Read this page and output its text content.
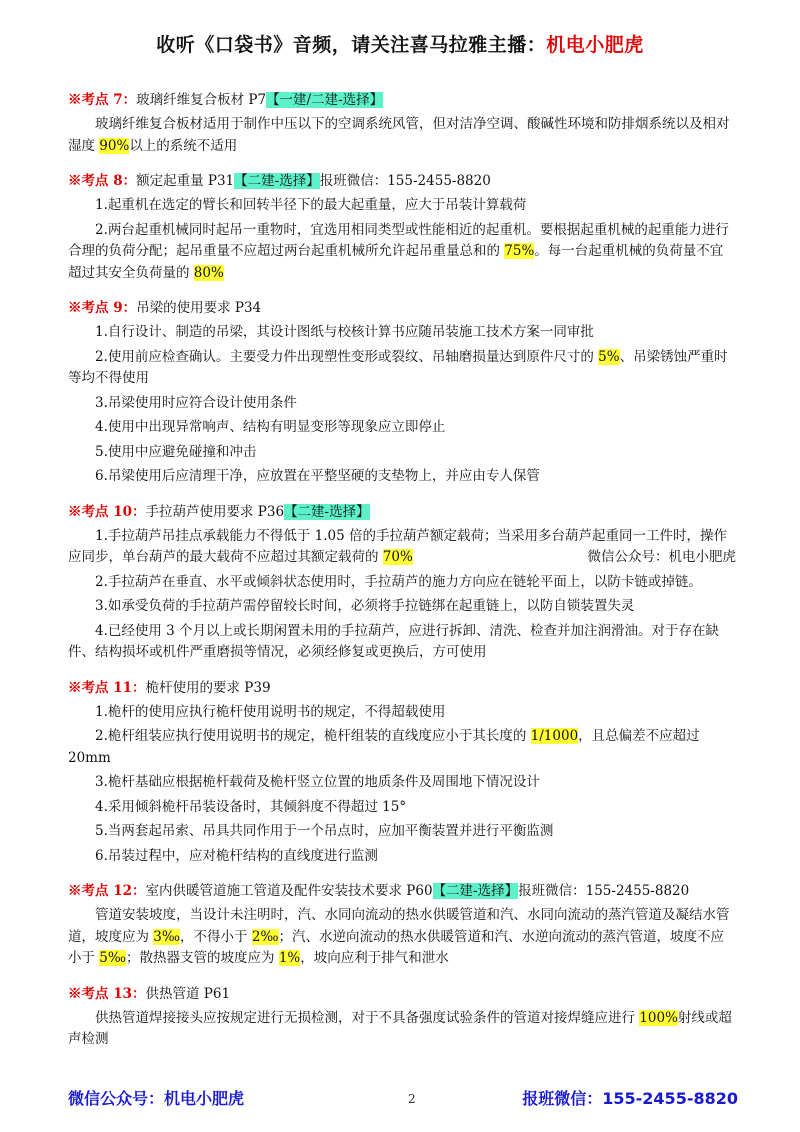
收听《口袋书》音频，请关注喜马拉雅主播：机电小肥虎
※考点 7：玻璃纤维复合板材 P7【一建/二建-选择】
玻璃纤维复合板材适用于制作中压以下的空调系统风管，但对洁净空调、酸碱性环境和防排烟系统以及相对湿度 90%以上的系统不适用
※考点 8：额定起重量 P31【二建-选择】报班微信：155-2455-8820
1.起重机在选定的臂长和回转半径下的最大起重量，应大于吊装计算载荷
2.两台起重机械同时起吊一重物时，宜选用相同类型或性能相近的起重机。要根据起重机械的起重能力进行合理的负荷分配；起吊重量不应超过两台起重机械所允许起吊重量总和的 75%。每一台起重机械的负荷量不宜超过其安全负荷量的 80%
※考点 9：吊梁的使用要求 P34
1.自行设计、制造的吊梁，其设计图纸与校核计算书应随吊装施工技术方案一同审批
2.使用前应检查确认。主要受力件出现塑性变形或裂纹、吊轴磨损量达到原件尺寸的 5%、吊梁锈蚀严重时等均不得使用
3.吊梁使用时应符合设计使用条件
4.使用中出现异常响声、结构有明显变形等现象应立即停止
5.使用中应避免碰撞和冲击
6.吊梁使用后应清理干净，应放置在平整坚硬的支垫物上，并应由专人保管
※考点 10：手拉葫芦使用要求 P36【二建-选择】
1.手拉葫芦吊挂点承载能力不得低于 1.05 倍的手拉葫芦额定载荷；当采用多台葫芦起重同一工件时，操作应同步，单台葫芦的最大载荷不应超过其额定载荷的 70%	微信公众号：机电小肥虎
2.手拉葫芦在垂直、水平或倾斜状态使用时，手拉葫芦的施力方向应在链轮平面上，以防卡链或掉链。
3.如承受负荷的手拉葫芦需停留较长时间，必须将手拉链绑在起重链上，以防自锁装置失灵
4.已经使用 3 个月以上或长期闲置未用的手拉葫芦，应进行拆卸、清洗、检查并加注润滑油。对于存在缺件、结构损坏或机件严重磨损等情况，必须经修复或更换后，方可使用
※考点 11：桅杆使用的要求 P39
1.桅杆的使用应执行桅杆使用说明书的规定，不得超载使用
2.桅杆组装应执行使用说明书的规定，桅杆组装的直线度应小于其长度的 1/1000，且总偏差不应超过 20mm
3.桅杆基础应根据桅杆载荷及桅杆竖立位置的地质条件及周围地下情况设计
4.采用倾斜桅杆吊装设备时，其倾斜度不得超过 15°
5.当两套起吊索、吊具共同作用于一个吊点时，应加平衡装置并进行平衡监测
6.吊装过程中，应对桅杆结构的直线度进行监测
※考点 12：室内供暖管道施工管道及配件安装技术要求 P60【二建-选择】报班微信：155-2455-8820
管道安装坡度，当设计未注明时，汽、水同向流动的热水供暖管道和汽、水同向流动的蒸汽管道及凝结水管道，坡度应为 3‰，不得小于 2‰；汽、水逆向流动的热水供暖管道和汽、水逆向流动的蒸汽管道，坡度不应小于 5‰；散热器支管的坡度应为 1%，坡向应利于排气和泄水
※考点 13：供热管道 P61
供热管道焊接接头应按规定进行无损检测，对于不具备强度试验条件的管道对接焊缝应进行 100%射线或超声检测
微信公众号：机电小肥虎	2	报班微信：155-2455-8820
